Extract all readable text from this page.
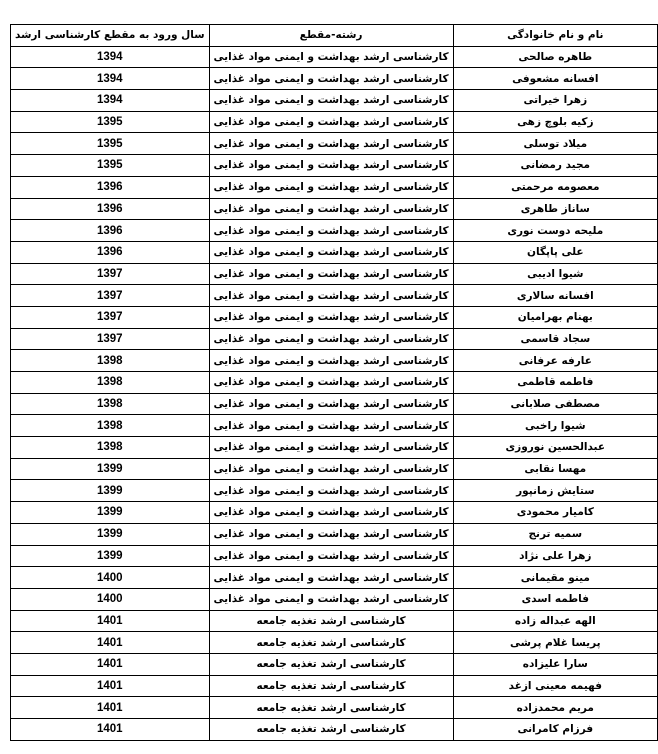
نام و نام خانوادگی	رشته-مقطع	سال ورود به مقطع کارشناسی ارشد
طاهره صالحی	کارشناسی ارشد بهداشت و ایمنی مواد غذایی	1394
افسانه مشعوفی	کارشناسی ارشد بهداشت و ایمنی مواد غذایی	1394
زهرا خیراتی	کارشناسی ارشد بهداشت و ایمنی مواد غذایی	1394
زکیه بلوچ زهی	کارشناسی ارشد بهداشت و ایمنی مواد غذایی	1395
میلاد توسلی	کارشناسی ارشد بهداشت و ایمنی مواد غذایی	1395
مجید رمضانی	کارشناسی ارشد بهداشت و ایمنی مواد غذایی	1395
معصومه مرحمتی	کارشناسی ارشد بهداشت و ایمنی مواد غذایی	1396
ساناز طاهری	کارشناسی ارشد بهداشت و ایمنی مواد غذایی	1396
ملیحه دوست نوری	کارشناسی ارشد بهداشت و ایمنی مواد غذایی	1396
علی پاپگان	کارشناسی ارشد بهداشت و ایمنی مواد غذایی	1396
شیوا ادیبی	کارشناسی ارشد بهداشت و ایمنی مواد غذایی	1397
افسانه سالاری	کارشناسی ارشد بهداشت و ایمنی مواد غذایی	1397
بهنام بهرامیان	کارشناسی ارشد بهداشت و ایمنی مواد غذایی	1397
سجاد قاسمی	کارشناسی ارشد بهداشت و ایمنی مواد غذایی	1397
عارفه عرفانی	کارشناسی ارشد بهداشت و ایمنی مواد غذایی	1398
فاطمه قاطمی	کارشناسی ارشد بهداشت و ایمنی مواد غذایی	1398
مصطفی صلابانی	کارشناسی ارشد بهداشت و ایمنی مواد غذایی	1398
شیوا راخبی	کارشناسی ارشد بهداشت و ایمنی مواد غذایی	1398
عبدالحسین نوروزی	کارشناسی ارشد بهداشت و ایمنی مواد غذایی	1398
مهسا نقابی	کارشناسی ارشد بهداشت و ایمنی مواد غذایی	1399
ستایش زمانپور	کارشناسی ارشد بهداشت و ایمنی مواد غذایی	1399
کامیار محمودی	کارشناسی ارشد بهداشت و ایمنی مواد غذایی	1399
سمیه ترنج	کارشناسی ارشد بهداشت و ایمنی مواد غذایی	1399
زهرا علی نژاد	کارشناسی ارشد بهداشت و ایمنی مواد غذایی	1399
مینو مقیمانی	کارشناسی ارشد بهداشت و ایمنی مواد غذایی	1400
فاطمه اسدی	کارشناسی ارشد بهداشت و ایمنی مواد غذایی	1400
الهه عبداله زاده	کارشناسی ارشد تغذیه جامعه	1401
پریسا غلام پرشی	کارشناسی ارشد تغذیه جامعه	1401
سارا علیزاده	کارشناسی ارشد تغذیه جامعه	1401
فهیمه معینی ازغد	کارشناسی ارشد تغذیه جامعه	1401
مریم محمدزاده	کارشناسی ارشد تغذیه جامعه	1401
فرزام کامرانی	کارشناسی ارشد تغذیه جامعه	1401
